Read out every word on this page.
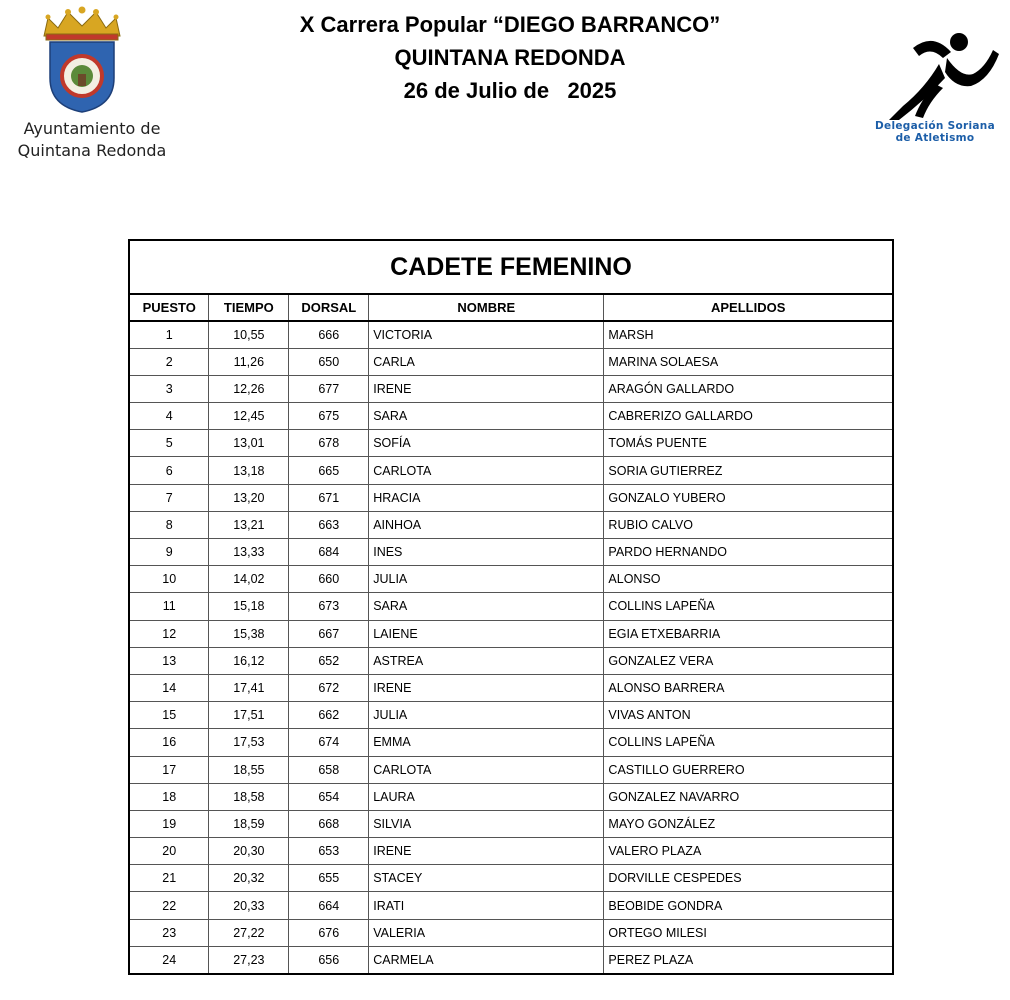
Ayuntamiento de
Quintana Redonda
X Carrera Popular “DIEGO BARRANCO”
QUINTANA REDONDA
26 de Julio de   2025
Delegación Soriana
de Atletismo
CADETE FEMENINO				
PUESTO	TIEMPO	DORSAL	NOMBRE	APELLIDOS
1	10,55	666	VICTORIA	MARSH
2	11,26	650	CARLA	MARINA SOLAESA
3	12,26	677	IRENE	ARAGÓN GALLARDO
4	12,45	675	SARA	CABRERIZO GALLARDO
5	13,01	678	SOFÍA	TOMÁS PUENTE
6	13,18	665	CARLOTA	SORIA GUTIERREZ
7	13,20	671	HRACIA	GONZALO YUBERO
8	13,21	663	AINHOA	RUBIO CALVO
9	13,33	684	INES	PARDO HERNANDO
10	14,02	660	JULIA	ALONSO
11	15,18	673	SARA	COLLINS LAPEÑA
12	15,38	667	LAIENE	EGIA ETXEBARRIA
13	16,12	652	ASTREA	GONZALEZ VERA
14	17,41	672	IRENE	ALONSO BARRERA
15	17,51	662	JULIA	VIVAS ANTON
16	17,53	674	EMMA	COLLINS LAPEÑA
17	18,55	658	CARLOTA	CASTILLO GUERRERO
18	18,58	654	LAURA	GONZALEZ NAVARRO
19	18,59	668	SILVIA	MAYO GONZÁLEZ
20	20,30	653	IRENE	VALERO PLAZA
21	20,32	655	STACEY	DORVILLE CESPEDES
22	20,33	664	IRATI	BEOBIDE GONDRA
23	27,22	676	VALERIA	ORTEGO MILESI
24	27,23	656	CARMELA	PEREZ PLAZA
